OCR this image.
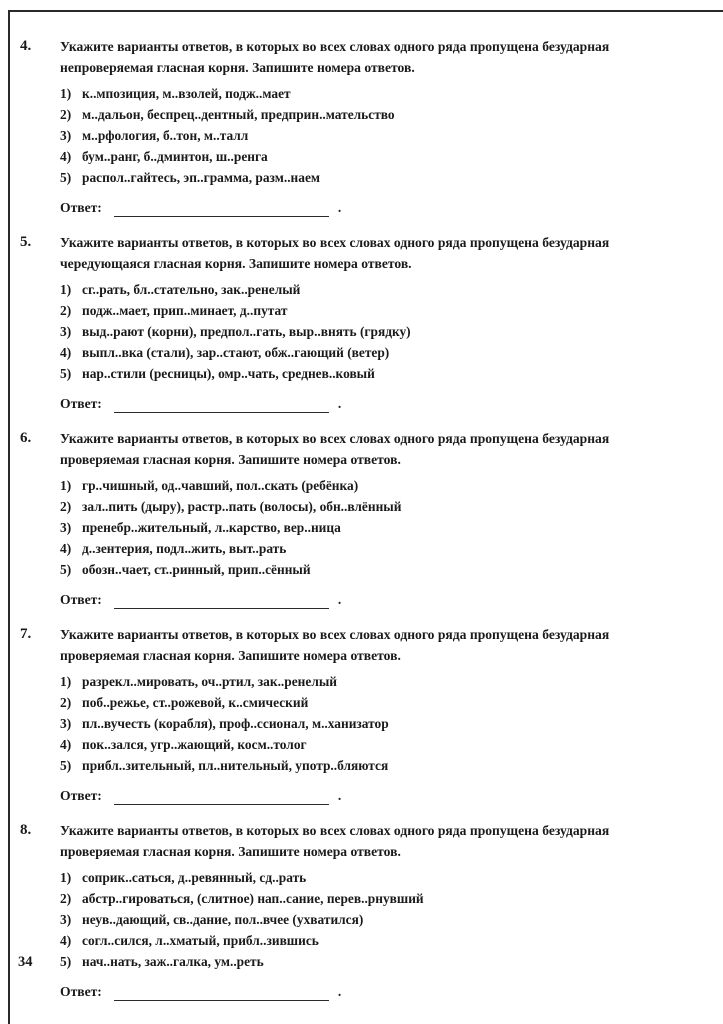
4.	Укажите варианты ответов, в которых во всех словах одного ряда пропущена безударная непроверяемая гласная корня. Запишите номера ответов.
1) к..мпозиция, м..взолей, подж..мает
2) м..дальон, беспрец..дентный, предприн..мательство
3) м..рфология, б..тон, м..талл
4) бум..ранг, б..дминтон, ш..ренга
5) распол..гайтесь, эп..грамма, разм..наем
Ответ:	.
5.	Укажите варианты ответов, в которых во всех словах одного ряда пропущена безударная чередующаяся гласная корня. Запишите номера ответов.
1) сг..рать, бл..стательно, зак..ренелый
2) подж..мает, прип..минает, д..путат
3) выд..рают (корни), предпол..гать, выр..внять (грядку)
4) выпл..вка (стали), зар..стают, обж..гающий (ветер)
5) нар..стили (ресницы), омр..чать, среднев..ковый
Ответ:	.
6.	Укажите варианты ответов, в которых во всех словах одного ряда пропущена безударная проверяемая гласная корня. Запишите номера ответов.
1) гр..чишный, од..чавший, пол..скать (ребёнка)
2) зал..пить (дыру), растр..пать (волосы), обн..влённый
3) пренебр..жительный, л..карство, вер..ница
4) д..зентерия, подл..жить, выт..рать
5) обозн..чает, ст..ринный, прип..сённый
Ответ:	.
7.	Укажите варианты ответов, в которых во всех словах одного ряда пропущена безударная проверяемая гласная корня. Запишите номера ответов.
1) разрекл..мировать, оч..ртил, зак..ренелый
2) поб..режье, ст..рожевой, к..смический
3) пл..вучесть (корабля), проф..ссионал, м..ханизатор
4) пок..зался, угр..жающий, косм..толог
5) прибл..зительный, пл..нительный, употр..бляются
Ответ:	.
8.	Укажите варианты ответов, в которых во всех словах одного ряда пропущена безударная проверяемая гласная корня. Запишите номера ответов.
1) соприк..саться, д..ревянный, сд..рать
2) абстр..гироваться, (слитное) нап..сание, перев..рнувший
3) неув..дающий, св..дание, пол..вчее (ухватился)
4) согл..сился, л..хматый, прибл..зившись
5) нач..нать, заж..галка, ум..реть
Ответ:	.
34
